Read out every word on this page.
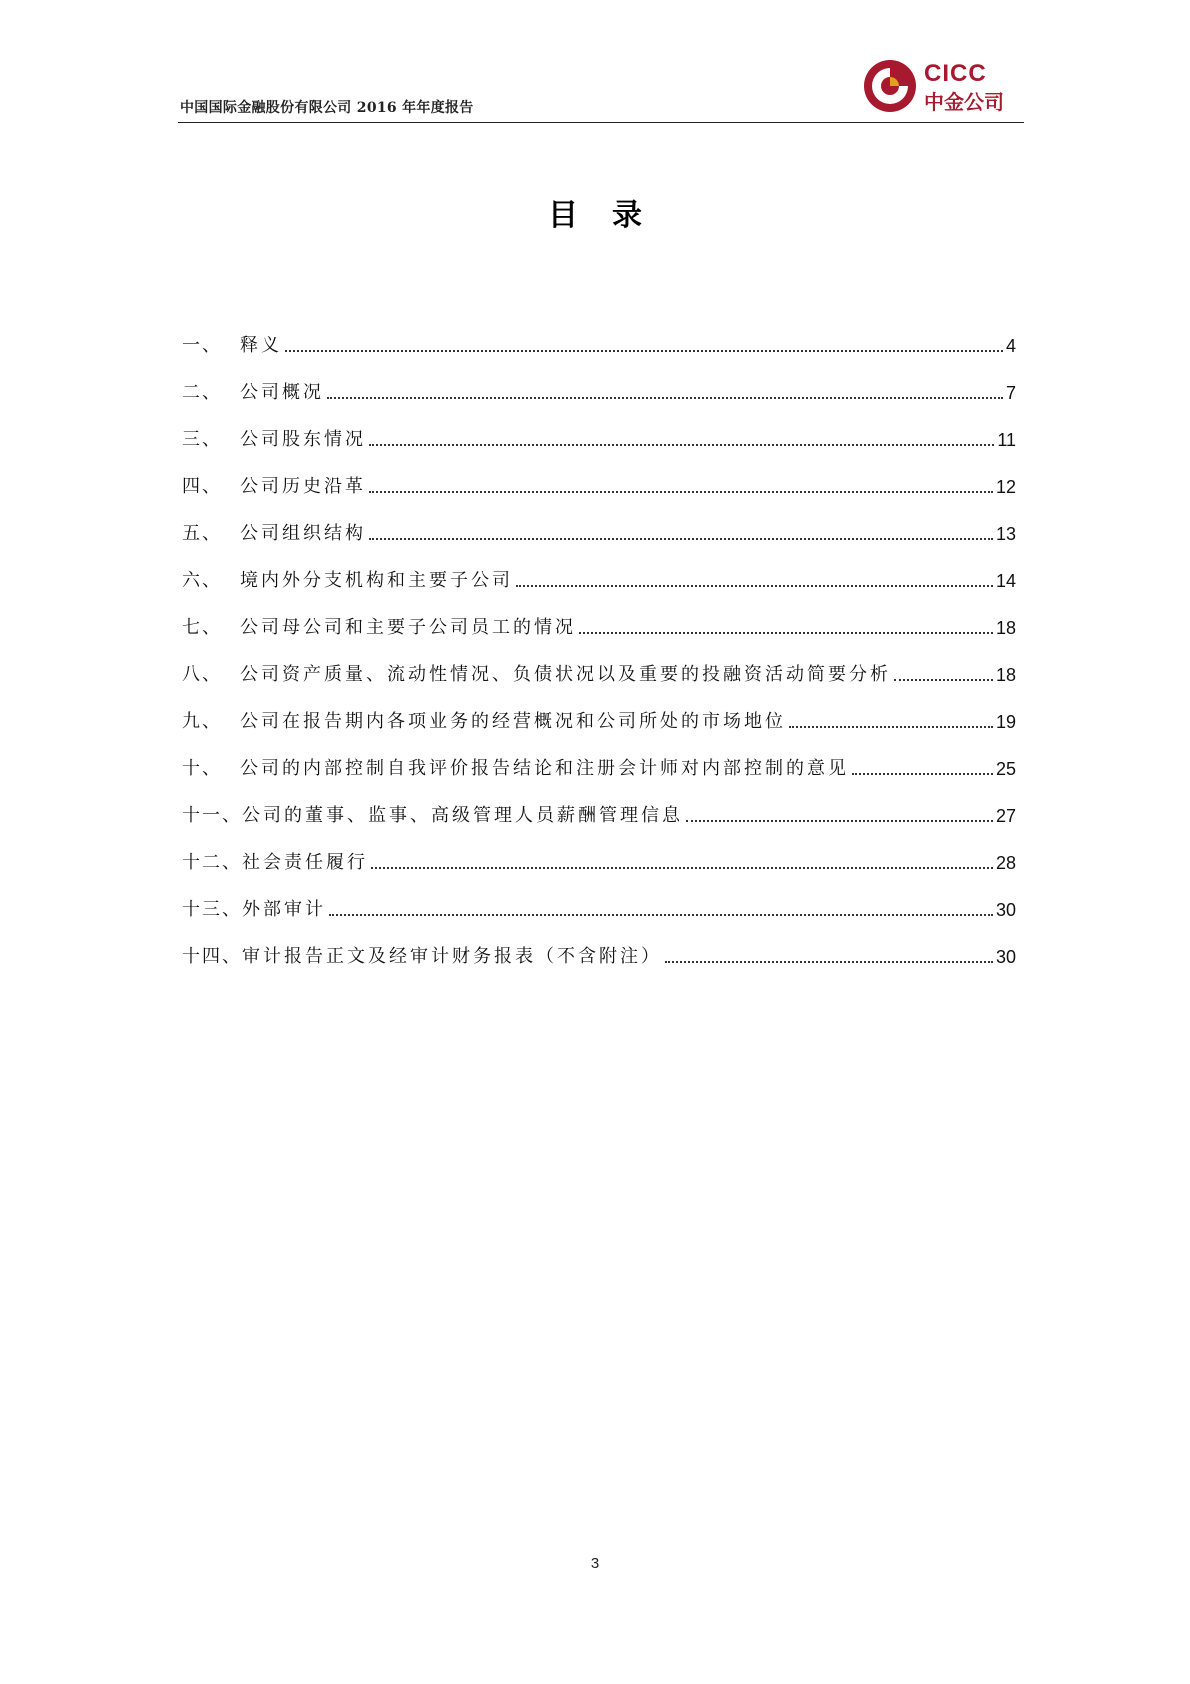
中国国际金融股份有限公司 2016 年年度报告
CICC
中金公司
目录
一、	释义	4
二、	公司概况	7
三、	公司股东情况	11
四、	公司历史沿革	12
五、	公司组织结构	13
六、	境内外分支机构和主要子公司	14
七、	公司母公司和主要子公司员工的情况	18
八、	公司资产质量、流动性情况、负债状况以及重要的投融资活动简要分析	18
九、	公司在报告期内各项业务的经营概况和公司所处的市场地位	19
十、	公司的内部控制自我评价报告结论和注册会计师对内部控制的意见	25
十一、 公司的董事、监事、高级管理人员薪酬管理信息	27
十二、 社会责任履行	28
十三、 外部审计	30
十四、 审计报告正文及经审计财务报表（不含附注）	30
3
